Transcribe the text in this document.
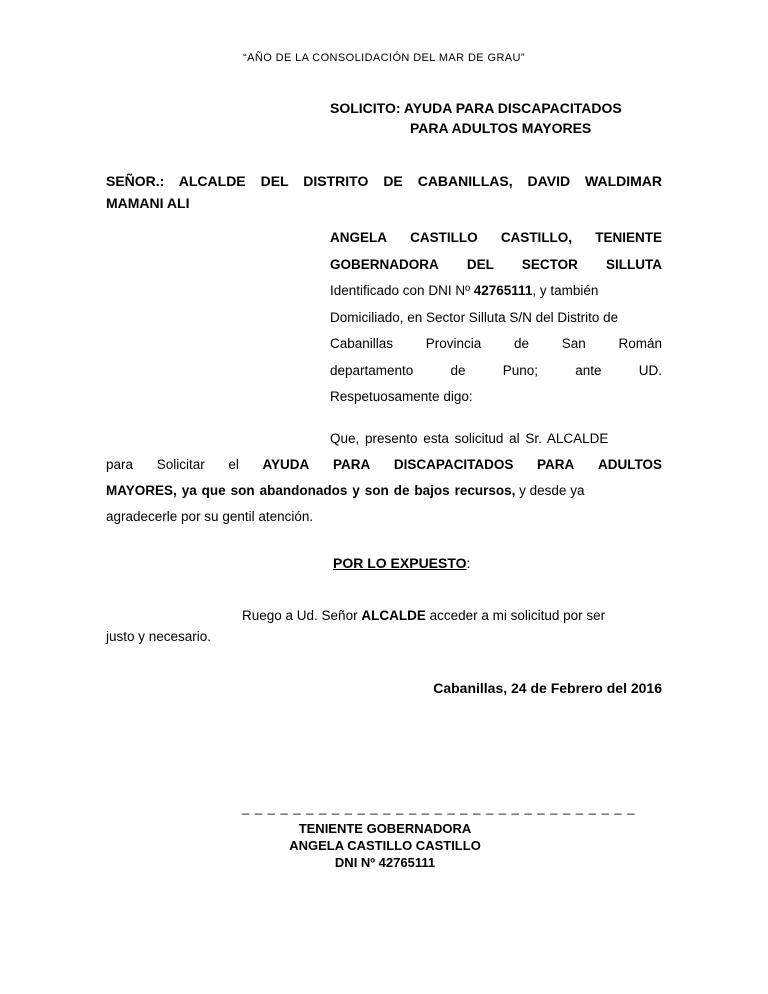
“AÑO DE LA CONSOLIDACIÓN DEL MAR DE GRAU”
SOLICITO: AYUDA PARA DISCAPACITADOS
PARA ADULTOS MAYORES
SEÑOR.: ALCALDE DEL DISTRITO DE CABANILLAS, DAVID WALDIMAR
MAMANI ALI
ANGELA CASTILLO CASTILLO, TENIENTE
GOBERNADORA DEL SECTOR SILLUTA
Identificado con DNI Nº 42765111, y también
Domiciliado, en Sector Silluta S/N del Distrito de
Cabanillas Provincia de San Román
departamento	de	Puno;	ante	UD.
Respetuosamente digo:
Que, presento esta solicitud al Sr. ALCALDE
para Solicitar el AYUDA PARA DISCAPACITADOS PARA ADULTOS
MAYORES, ya que son abandonados y son de bajos recursos, y desde ya
agradecerle por su gentil atención.
POR LO EXPUESTO:
Ruego a Ud. Señor ALCALDE acceder a mi solicitud por ser
justo y necesario.
Cabanillas, 24 de Febrero del 2016
_ _ _ _ _ _ _ _ _ _ _ _ _ _ _ _ _ _ _ _ _ _ _ _ _ _ _ _ _ _ _
TENIENTE GOBERNADORA
ANGELA CASTILLO CASTILLO
DNI Nº 42765111
